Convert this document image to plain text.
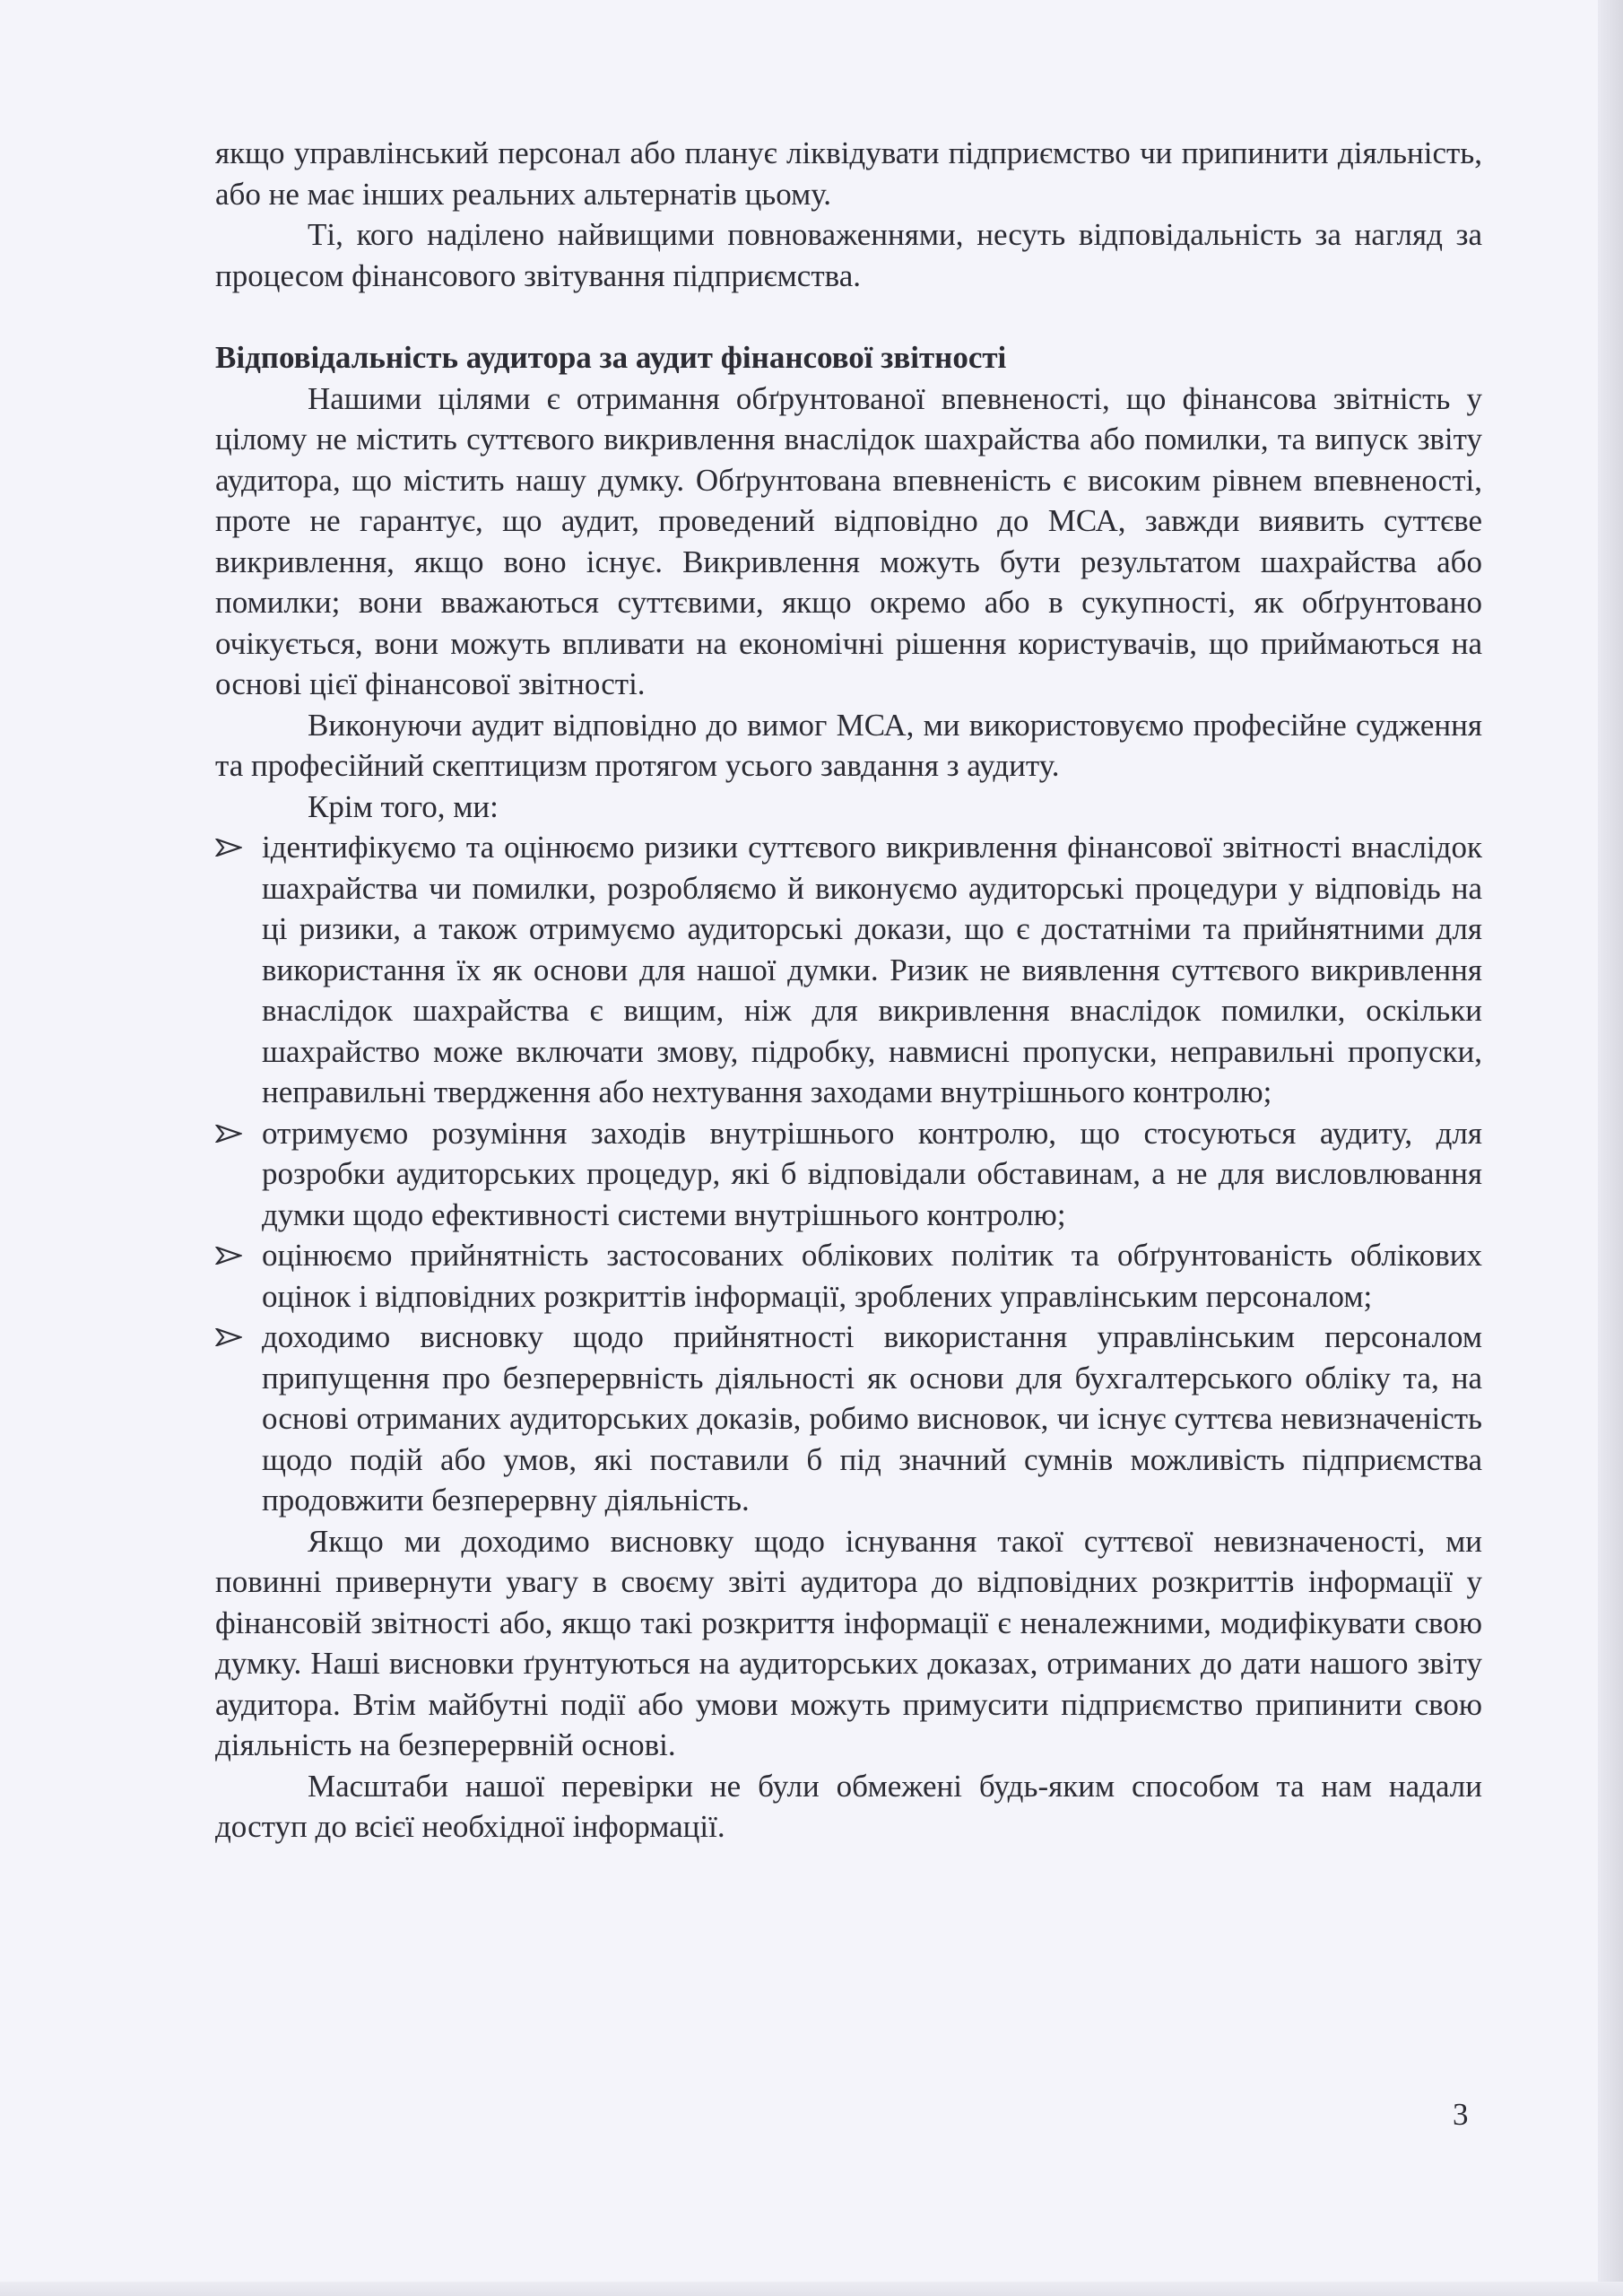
якщо управлінський персонал або планує ліквідувати підприємство чи припинити діяльність, або не має інших реальних альтернатів цьому.

Ті, кого наділено найвищими повноваженнями, несуть відповідальність за нагляд за процесом фінансового звітування підприємства.

Відповідальність аудитора за аудит фінансової звітності

Нашими цілями є отримання обґрунтованої впевненості, що фінансова звітність у цілому не містить суттєвого викривлення внаслідок шахрайства або помилки, та випуск звіту аудитора, що містить нашу думку. Обґрунтована впевненість є високим рівнем впевненості, проте не гарантує, що аудит, проведений відповідно до МСА, завжди виявить суттєве викривлення, якщо воно існує. Викривлення можуть бути результатом шахрайства або помилки; вони вважаються суттєвими, якщо окремо або в сукупності, як обґрунтовано очікується, вони можуть впливати на економічні рішення користувачів, що приймаються на основі цієї фінансової звітності.

Виконуючи аудит відповідно до вимог МСА, ми використовуємо професійне судження та професійний скептицизм протягом усього завдання з аудиту.

Крім того, ми:

ідентифікуємо та оцінюємо ризики суттєвого викривлення фінансової звітності внаслідок шахрайства чи помилки, розробляємо й виконуємо аудиторські процедури у відповідь на ці ризики, а також отримуємо аудиторські докази, що є достатніми та прийнятними для використання їх як основи для нашої думки. Ризик не виявлення суттєвого викривлення внаслідок шахрайства є вищим, ніж для викривлення внаслідок помилки, оскільки шахрайство може включати змову, підробку, навмисні пропуски, неправильні пропуски, неправильні твердження або нехтування заходами внутрішнього контролю;
отримуємо розуміння заходів внутрішнього контролю, що стосуються аудиту, для розробки аудиторських процедур, які б відповідали обставинам, а не для висловлювання думки щодо ефективності системи внутрішнього контролю;
оцінюємо прийнятність застосованих облікових політик та обґрунтованість облікових оцінок і відповідних розкриттів інформації, зроблених управлінським персоналом;
доходимо висновку щодо прийнятності використання управлінським персоналом припущення про безперервність діяльності як основи для бухгалтерського обліку та, на основі отриманих аудиторських доказів, робимо висновок, чи існує суттєва невизначеність щодо подій або умов, які поставили б під значний сумнів можливість підприємства продовжити безперервну діяльність.

Якщо ми доходимо висновку щодо існування такої суттєвої невизначеності, ми повинні привернути увагу в своєму звіті аудитора до відповідних розкриттів інформації у фінансовій звітності або, якщо такі розкриття інформації є неналежними, модифікувати свою думку. Наші висновки ґрунтуються на аудиторських доказах, отриманих до дати нашого звіту аудитора. Втім майбутні події або умови можуть примусити підприємство припинити свою діяльність на безперервній основі.

Масштаби нашої перевірки не були обмежені будь-яким способом та нам надали доступ до всієї необхідної інформації.

3
